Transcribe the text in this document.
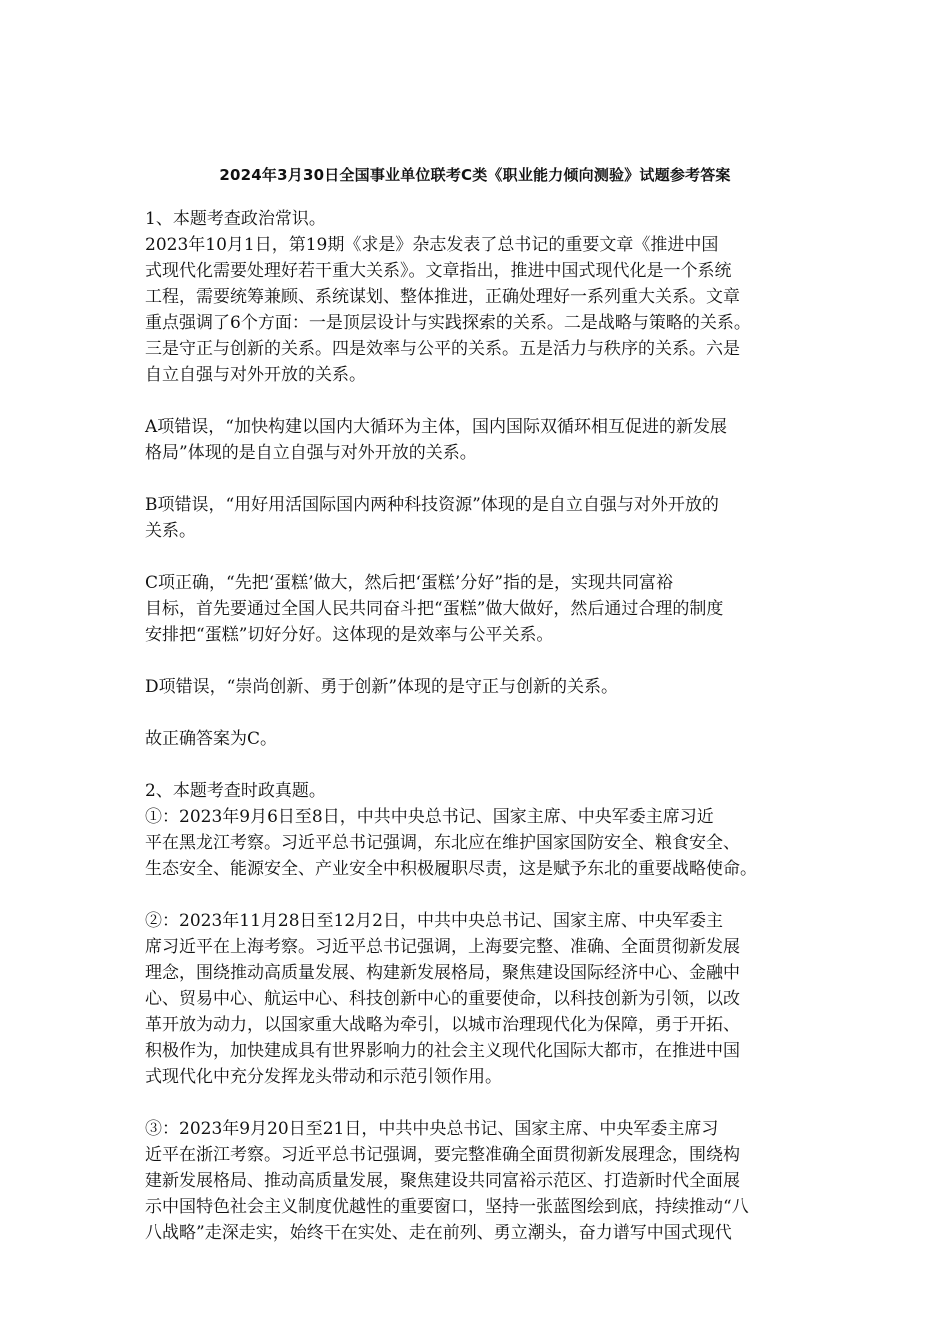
2024年3月30日全国事业单位联考C类《职业能力倾向测验》试题参考答案
1、本题考查政治常识。
2023年10月1日，第19期《求是》杂志发表了总书记的重要文章《推进中国
式现代化需要处理好若干重大关系》。文章指出，推进中国式现代化是一个系统
工程，需要统筹兼顾、系统谋划、整体推进，正确处理好一系列重大关系。文章
重点强调了6个方面：一是顶层设计与实践探索的关系。二是战略与策略的关系。
三是守正与创新的关系。四是效率与公平的关系。五是活力与秩序的关系。六是
自立自强与对外开放的关系。
A项错误，“加快构建以国内大循环为主体，国内国际双循环相互促进的新发展
格局”体现的是自立自强与对外开放的关系。
B项错误，“用好用活国际国内两种科技资源”体现的是自立自强与对外开放的
关系。
C项正确，“先把‘蛋糕’做大，然后把‘蛋糕’分好”指的是，实现共同富裕
目标，首先要通过全国人民共同奋斗把“蛋糕”做大做好，然后通过合理的制度
安排把“蛋糕”切好分好。这体现的是效率与公平关系。
D项错误，“崇尚创新、勇于创新”体现的是守正与创新的关系。
故正确答案为C。
2、本题考查时政真题。
①：2023年9月6日至8日，中共中央总书记、国家主席、中央军委主席习近
平在黑龙江考察。习近平总书记强调，东北应在维护国家国防安全、粮食安全、
生态安全、能源安全、产业安全中积极履职尽责，这是赋予东北的重要战略使命。
②：2023年11月28日至12月2日，中共中央总书记、国家主席、中央军委主
席习近平在上海考察。习近平总书记强调，上海要完整、准确、全面贯彻新发展
理念，围绕推动高质量发展、构建新发展格局，聚焦建设国际经济中心、金融中
心、贸易中心、航运中心、科技创新中心的重要使命，以科技创新为引领，以改
革开放为动力，以国家重大战略为牵引，以城市治理现代化为保障，勇于开拓、
积极作为，加快建成具有世界影响力的社会主义现代化国际大都市，在推进中国
式现代化中充分发挥龙头带动和示范引领作用。
③：2023年9月20日至21日，中共中央总书记、国家主席、中央军委主席习
近平在浙江考察。习近平总书记强调，要完整准确全面贯彻新发展理念，围绕构
建新发展格局、推动高质量发展，聚焦建设共同富裕示范区、打造新时代全面展
示中国特色社会主义制度优越性的重要窗口，坚持一张蓝图绘到底，持续推动“八
八战略”走深走实，始终干在实处、走在前列、勇立潮头，奋力谱写中国式现代
